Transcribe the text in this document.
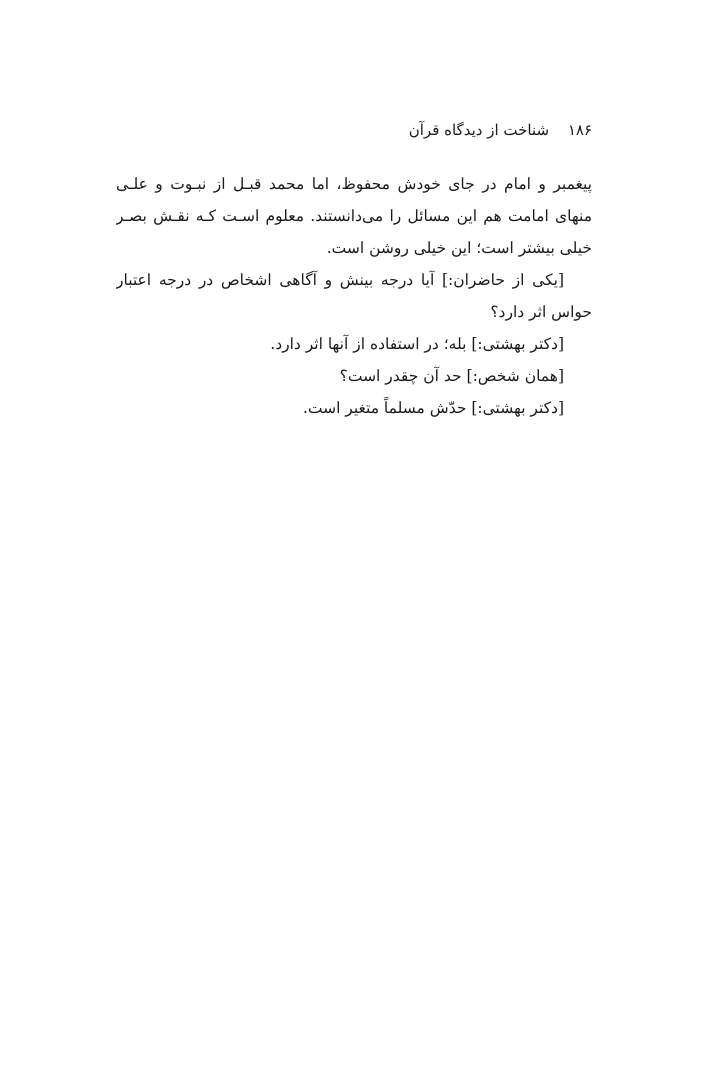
۱۸۶ شناخت از دیدگاه قرآن
پیغمبر و امام در جای خودش محفوظ، اما محمد قبـل از نبـوت و علـی
منهای امامت هم این مسائل را می‌دانستند. معلوم اسـت کـه نقـش بصـر
خیلی بیشتر است؛ این خیلی روشن است.
[یکی از حاضران:] آیا درجه بینش و آگاهی اشخاص در درجه اعتبار
حواس اثر دارد؟
[دکتر بهشتی:] بله؛ در استفاده از آنها اثر دارد.
[همان شخص:] حد آن چقدر است؟
[دکتر بهشتی:] حدّش مسلماً متغیر است.
